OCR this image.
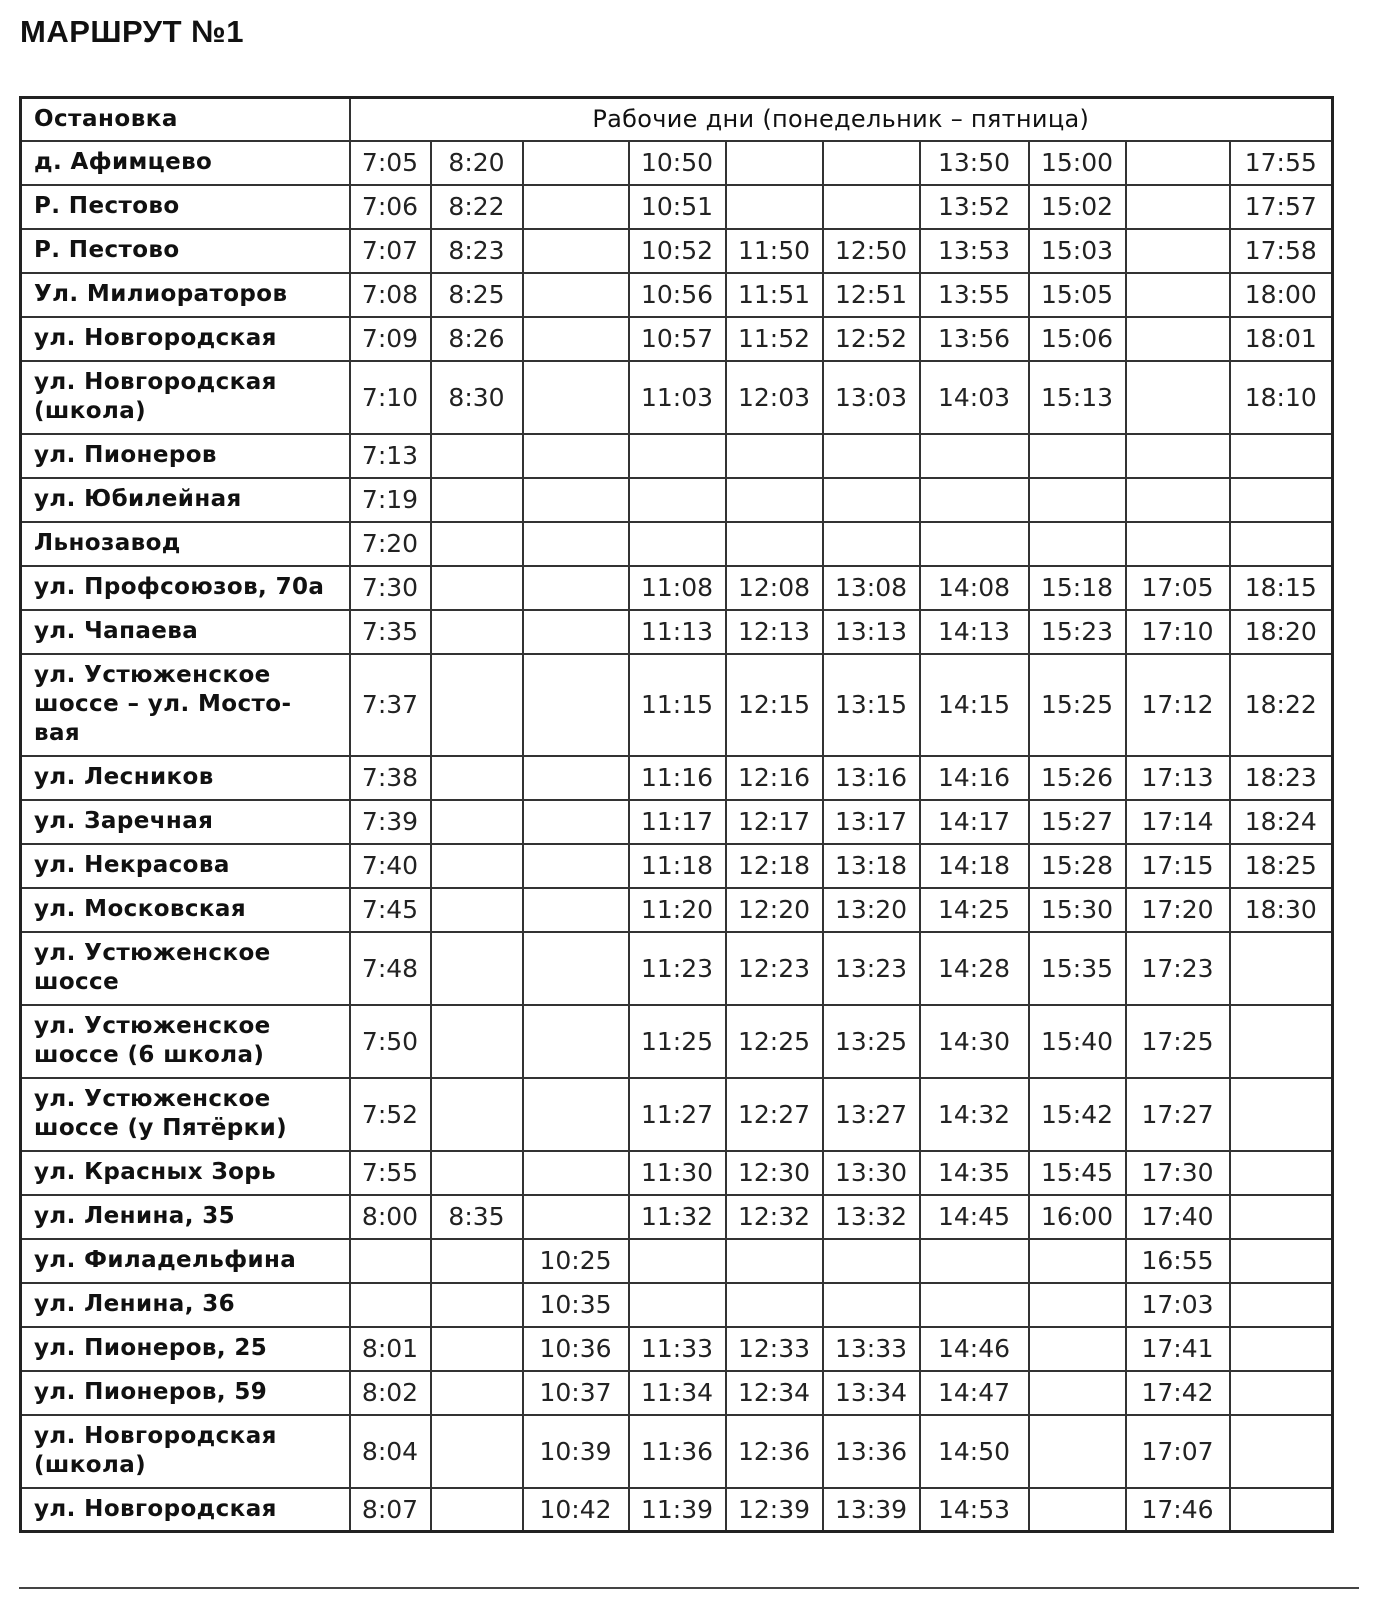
МАРШРУТ №1
Остановка	Рабочие дни (понедельник – пятница)									
д. Афимцево	7:05	8:20		10:50			13:50	15:00		17:55
Р. Пестово	7:06	8:22		10:51			13:52	15:02		17:57
Р. Пестово	7:07	8:23		10:52	11:50	12:50	13:53	15:03		17:58
Ул. Милиораторов	7:08	8:25		10:56	11:51	12:51	13:55	15:05		18:00
ул. Новгородская	7:09	8:26		10:57	11:52	12:52	13:56	15:06		18:01
ул. Новгородская
(школа)	7:10	8:30		11:03	12:03	13:03	14:03	15:13		18:10
ул. Пионеров	7:13									
ул. Юбилейная	7:19									
Льнозавод	7:20									
ул. Профсоюзов, 70а	7:30			11:08	12:08	13:08	14:08	15:18	17:05	18:15
ул. Чапаева	7:35			11:13	12:13	13:13	14:13	15:23	17:10	18:20
ул. Устюженское
шоссе – ул. Мосто-
вая	7:37			11:15	12:15	13:15	14:15	15:25	17:12	18:22
ул. Лесников	7:38			11:16	12:16	13:16	14:16	15:26	17:13	18:23
ул. Заречная	7:39			11:17	12:17	13:17	14:17	15:27	17:14	18:24
ул. Некрасова	7:40			11:18	12:18	13:18	14:18	15:28	17:15	18:25
ул. Московская	7:45			11:20	12:20	13:20	14:25	15:30	17:20	18:30
ул. Устюженское
шоссе	7:48			11:23	12:23	13:23	14:28	15:35	17:23	
ул. Устюженское
шоссе (6 школа)	7:50			11:25	12:25	13:25	14:30	15:40	17:25	
ул. Устюженское
шоссе (у Пятёрки)	7:52			11:27	12:27	13:27	14:32	15:42	17:27	
ул. Красных Зорь	7:55			11:30	12:30	13:30	14:35	15:45	17:30	
ул. Ленина, 35	8:00	8:35		11:32	12:32	13:32	14:45	16:00	17:40	
ул. Филадельфина			10:25						16:55	
ул. Ленина, 36			10:35						17:03	
ул. Пионеров, 25	8:01		10:36	11:33	12:33	13:33	14:46		17:41	
ул. Пионеров, 59	8:02		10:37	11:34	12:34	13:34	14:47		17:42	
ул. Новгородская
(школа)	8:04		10:39	11:36	12:36	13:36	14:50		17:07	
ул. Новгородская	8:07		10:42	11:39	12:39	13:39	14:53		17:46	
